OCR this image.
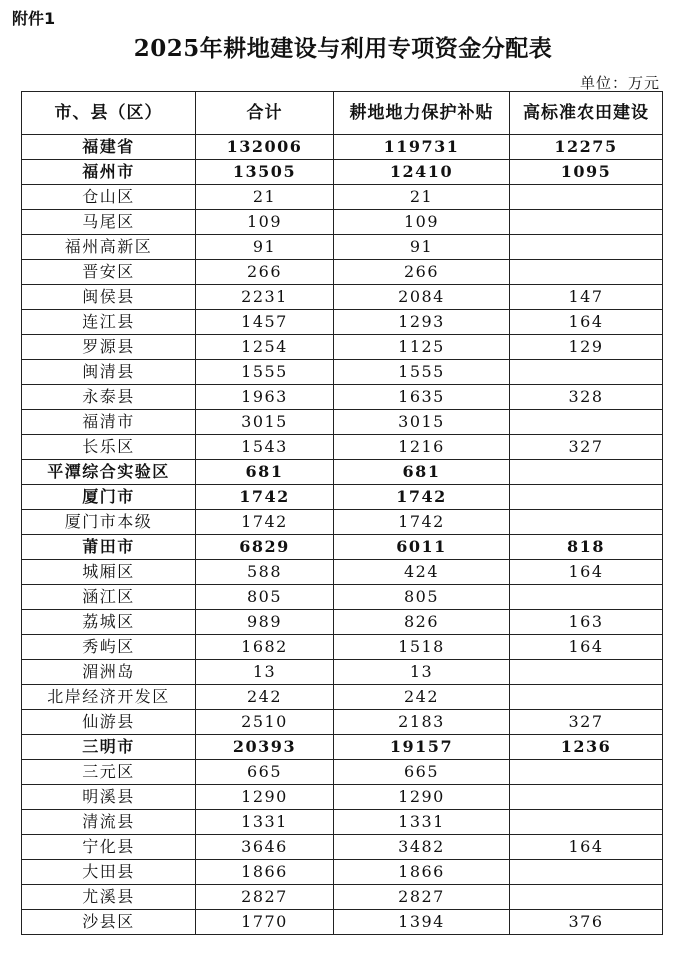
附件1
2025年耕地建设与利用专项资金分配表
单位：万元
市、县（区）	合计	耕地地力保护补贴	高标准农田建设
福建省	132006	119731	12275
福州市	13505	12410	1095
仓山区	21	21	
马尾区	109	109	
福州高新区	91	91	
晋安区	266	266	
闽侯县	2231	2084	147
连江县	1457	1293	164
罗源县	1254	1125	129
闽清县	1555	1555	
永泰县	1963	1635	328
福清市	3015	3015	
长乐区	1543	1216	327
平潭综合实验区	681	681	
厦门市	1742	1742	
厦门市本级	1742	1742	
莆田市	6829	6011	818
城厢区	588	424	164
涵江区	805	805	
荔城区	989	826	163
秀屿区	1682	1518	164
湄洲岛	13	13	
北岸经济开发区	242	242	
仙游县	2510	2183	327
三明市	20393	19157	1236
三元区	665	665	
明溪县	1290	1290	
清流县	1331	1331	
宁化县	3646	3482	164
大田县	1866	1866	
尤溪县	2827	2827	
沙县区	1770	1394	376
